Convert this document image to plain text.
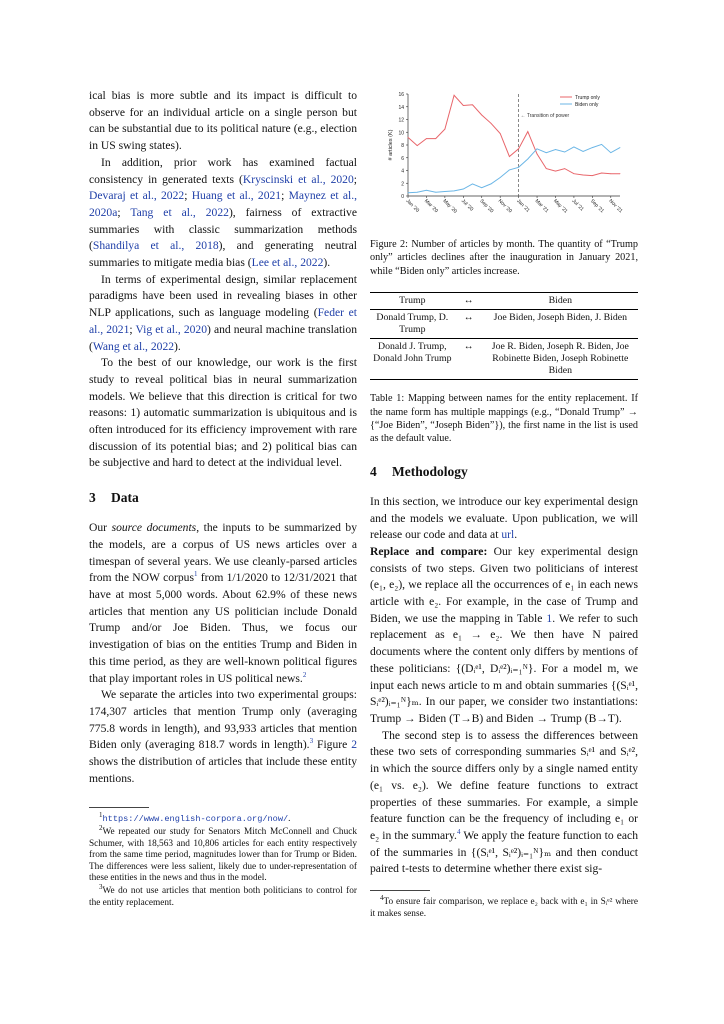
ical bias is more subtle and its impact is difficult to observe for an individual article on a single person but can be substantial due to its political nature (e.g., election in US swing states).

In addition, prior work has examined factual consistency in generated texts (Kryscinski et al., 2020; Devaraj et al., 2022; Huang et al., 2021; Maynez et al., 2020a; Tang et al., 2022), fairness of extractive summaries with classic summarization methods (Shandilya et al., 2018), and generating neutral summaries to mitigate media bias (Lee et al., 2022).

In terms of experimental design, similar replacement paradigms have been used in revealing biases in other NLP applications, such as language modeling (Feder et al., 2021; Vig et al., 2020) and neural machine translation (Wang et al., 2022).

To the best of our knowledge, our work is the first study to reveal political bias in neural summarization models. We believe that this direction is critical for two reasons: 1) automatic summarization is ubiquitous and is often introduced for its efficiency improvement with rare discussion of its potential bias; and 2) political bias can be subjective and hard to detect at the individual level.

3 Data

Our source documents, the inputs to be summarized by the models, are a corpus of US news articles over a timespan of several years. We use cleanly-parsed articles from the NOW corpus$^1$ from 1/1/2020 to 12/31/2021 that have at most 5,000 words. About 62.9% of these news articles that mention any US politician include Donald Trump and/or Joe Biden. Thus, we focus our investigation of bias on the entities Trump and Biden in this time period, as they are well-known political figures that play important roles in US political news.$^2$

We separate the articles into two experimental groups: 174,307 articles that mention Trump only (averaging 775.8 words in length), and 93,933 articles that mention Biden only (averaging 818.7 words in length).$^3$ Figure 2 shows the distribution of articles that include these entity mentions.

$^1$https://www.english-corpora.org/now/.

$^2$We repeated our study for Senators Mitch McConnell and Chuck Schumer, with 18,563 and 10,806 articles for each entity respectively from the same time period, magnitudes lower than for Trump or Biden. The differences were less salient, likely due to under-representation of these entities in the news and thus in the model.

$^3$We do not use articles that mention both politicians to control for the entity replacement.

0
2
4
6
8
10
12
14
16
# articles (K)
Jan '20 Mar '20 May '20 Jul '20 Sep '20 Nov '20 Jan '21 Mar '21 May '21 Jul '21 Sep '21 Nov '21
← Transition of power
Trump only
Biden only

Figure 2: Number of articles by month. The quantity of “Trump only” articles declines after the inauguration in January 2021, while “Biden only” articles increase.

Trump	↔	Biden
Donald Trump, D. Trump	↔	Joe Biden, Joseph Biden, J. Biden
Donald J. Trump, Donald John Trump	↔	Joe R. Biden, Joseph R. Biden, Joe Robinette Biden, Joseph Robinette Biden

Table 1: Mapping between names for the entity replacement. If the name form has multiple mappings (e.g., “Donald Trump” → {“Joe Biden”, “Joseph Biden”}), the first name in the list is used as the default value.

4 Methodology

In this section, we introduce our key experimental design and the models we evaluate. Upon publication, we will release our code and data at url.

Replace and compare: Our key experimental design consists of two steps. Given two politicians of interest (e₁, e₂), we replace all the occurrences of e₁ in each news article with e₂. For example, in the case of Trump and Biden, we use the mapping in Table 1. We refer to such replacement as e₁ → e₂. We then have N paired documents where the content only differs by mentions of these politicians: {(Dᵢᵉ¹, Dᵢᵉ²)ᵢ₌₁ᴺ}. For a model m, we input each news article to m and obtain summaries {(Sᵢᵉ¹, Sᵢᵉ²)ᵢ₌₁ᴺ}ₘ. In our paper, we consider two instantiations: Trump → Biden (T→B) and Biden → Trump (B→T).

The second step is to assess the differences between these two sets of corresponding summaries Sᵢᵉ¹ and Sᵢᵉ², in which the source differs only by a single named entity (e₁ vs. e₂). We define feature functions to extract properties of these summaries. For example, a simple feature function can be the frequency of including e₁ or e₂ in the summary.$^4$ We apply the feature function to each of the summaries in {(Sᵢᵉ¹, Sᵢᵉ²)ᵢ₌₁ᴺ}ₘ and then conduct paired t-tests to determine whether there exist sig-

$^4$To ensure fair comparison, we replace e₂ back with e₁ in Sᵢᵉ² where it makes sense.
